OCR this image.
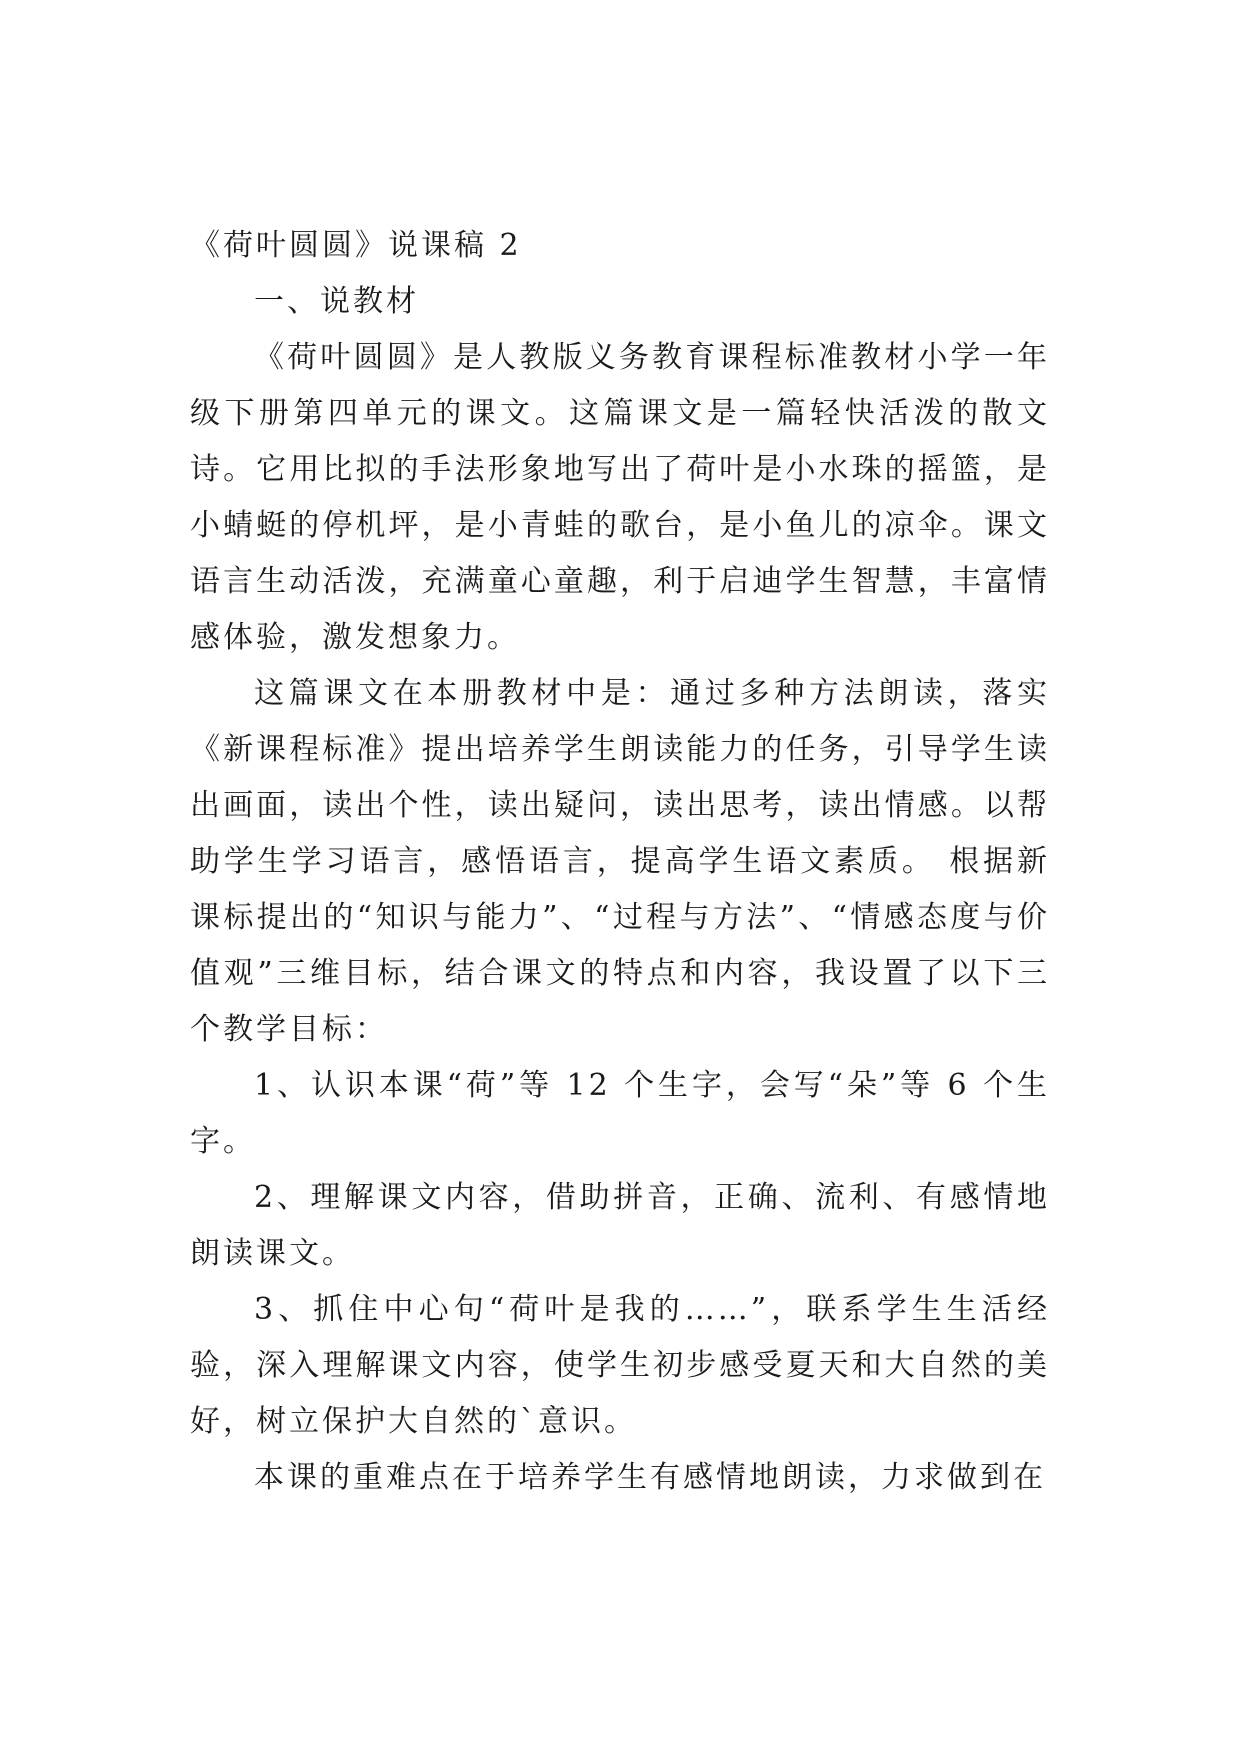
《荷叶圆圆》说课稿 2
一、说教材

《荷叶圆圆》是人教版义务教育课程标准教材小学一年级下册第四单元的课文。这篇课文是一篇轻快活泼的散文诗。它用比拟的手法形象地写出了荷叶是小水珠的摇篮，是小蜻蜓的停机坪，是小青蛙的歌台，是小鱼儿的凉伞。课文语言生动活泼，充满童心童趣，利于启迪学生智慧，丰富情感体验，激发想象力。

这篇课文在本册教材中是：通过多种方法朗读，落实《新课程标准》提出培养学生朗读能力的任务，引导学生读出画面，读出个性，读出疑问，读出思考，读出情感。以帮助学生学习语言，感悟语言，提高学生语文素质。 根据新课标提出的“知识与能力”、“过程与方法”、“情感态度与价值观”三维目标，结合课文的特点和内容，我设置了以下三个教学目标：

1、认识本课“荷”等 12 个生字，会写“朵”等 6 个生字。

2、理解课文内容，借助拼音，正确、流利、有感情地朗读课文。

3、抓住中心句“荷叶是我的……”，联系学生生活经验，深入理解课文内容，使学生初步感受夏天和大自然的美好，树立保护大自然的`意识。

本课的重难点在于培养学生有感情地朗读，力求做到在
